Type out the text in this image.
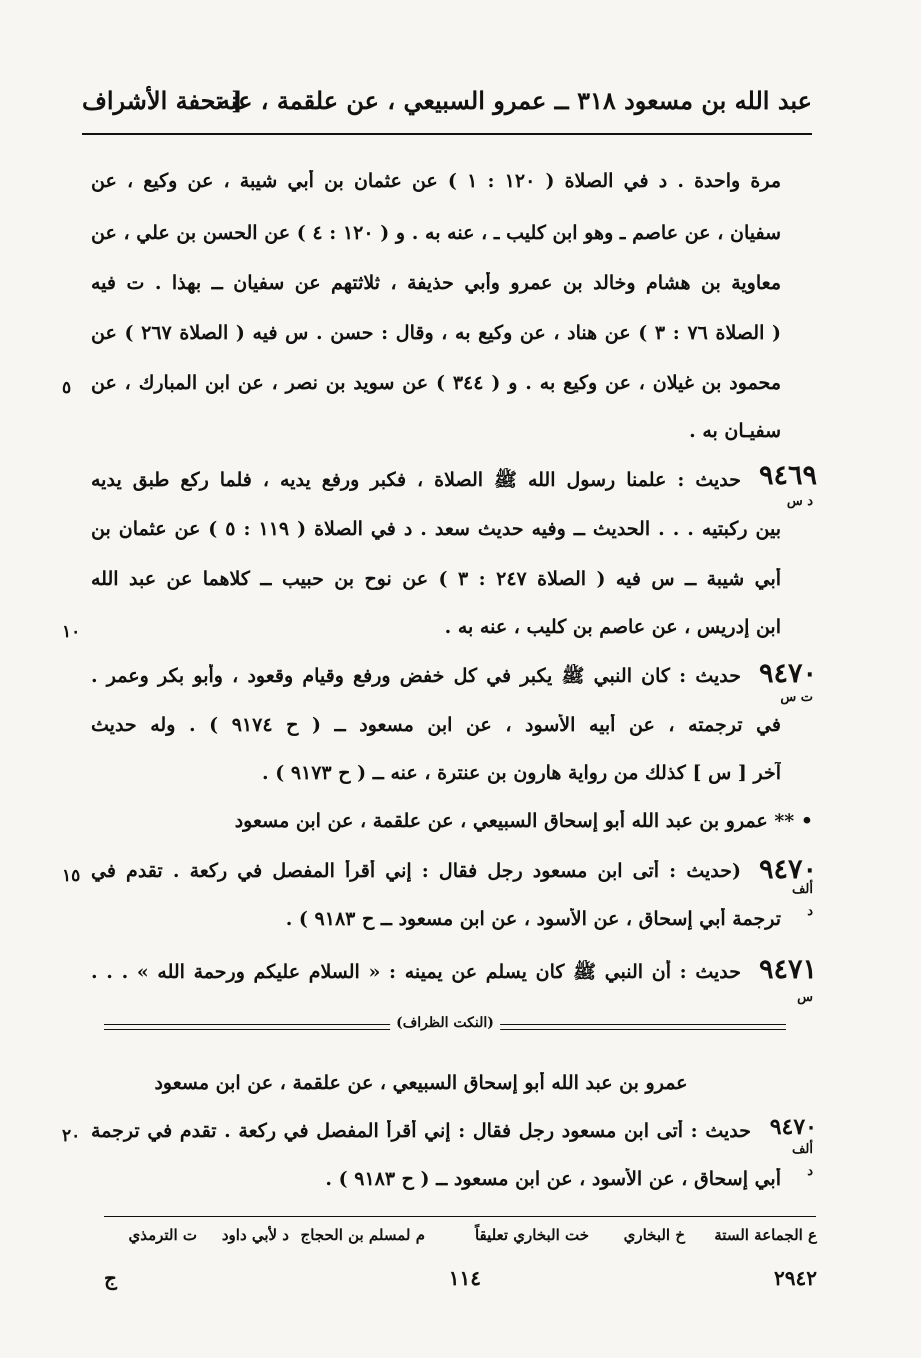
عبد الله بن مسعود ٣١٨ ــ عمرو السبيعي ، عن علقمة ، عنه
[ تحفة الأشراف
مرة واحدة . د في الصلاة ( ١٢٠ : ١ ) عن عثمان بن أبي شيبة ، عن وكيع ، عن
سفيان ، عن عاصم ـ وهو ابن كليب ـ ، عنه به . و ( ١٢٠ : ٤ ) عن الحسن بن علي ، عن
معاوية بن هشام وخالد بن عمرو وأبي حذيفة ، ثلاثتهم عن سفيان ــ بهذا . ت فيه
( الصلاة ٧٦ : ٣ ) عن هناد ، عن وكيع به ، وقال : حسن . س فيه ( الصلاة ٢٦٧ ) عن
محمود بن غيلان ، عن وكيع به . و ( ٣٤٤ ) عن سويد بن نصر ، عن ابن المبارك ، عن
سفيـان به .
٥
٩٤٦٩
د س
حديث : علمنا رسول الله ﷺ الصلاة ، فكبر ورفع يديه ، فلما ركع طبق يديه
بين ركبتيه . . . الحديث ــ وفيه حديث سعد . د في الصلاة ( ١١٩ : ٥ ) عن عثمان بن
أبي شيبة ــ س فيه ( الصلاة ٢٤٧ : ٣ ) عن نوح بن حبيب ــ كلاهما عن عبد الله
ابن إدريس ، عن عاصم بن كليب ، عنه به .
١٠
٩٤٧٠
ت س
حديث : كان النبي ﷺ يكبر في كل خفض ورفع وقيام وقعود ، وأبو بكر وعمر .
في ترجمته ، عن أبيه الأسود ، عن ابن مسعود ــ ( ح ٩١٧٤ ) . وله حديث
آخر [ س ] كذلك من رواية هارون بن عنترة ، عنه ــ ( ح ٩١٧٣ ) .
• ** عمرو بن عبد الله أبو إسحاق السبيعي ، عن علقمة ، عن ابن مسعود
٩٤٧٠
ألف
د
(حديث : أتى ابن مسعود رجل فقال : إني أقرأ المفصل في ركعة . تقدم في
ترجمة أبي إسحاق ، عن الأسود ، عن ابن مسعود ــ ح ٩١٨٣ ) .
١٥
٩٤٧١
س
حديث : أن النبي ﷺ كان يسلم عن يمينه : « السلام عليكم ورحمة الله » . . .
(النكت الظراف)
عمرو بن عبد الله أبو إسحاق السبيعي ، عن علقمة ، عن ابن مسعود
٩٤٧٠
ألف
د
حديث : أتى ابن مسعود رجل فقال : إني أقرأ المفصل في ركعة . تقدم في ترجمة
أبي إسحاق ، عن الأسود ، عن ابن مسعود ــ ( ح ٩١٨٣ ) .
٢٠
ع الجماعة الستة
خ البخاري
خت البخاري تعليقاً
م لمسلم بن الحجاج
د لأبي داود
ت الترمذي
٢٩٤٢
١١٤
ج
